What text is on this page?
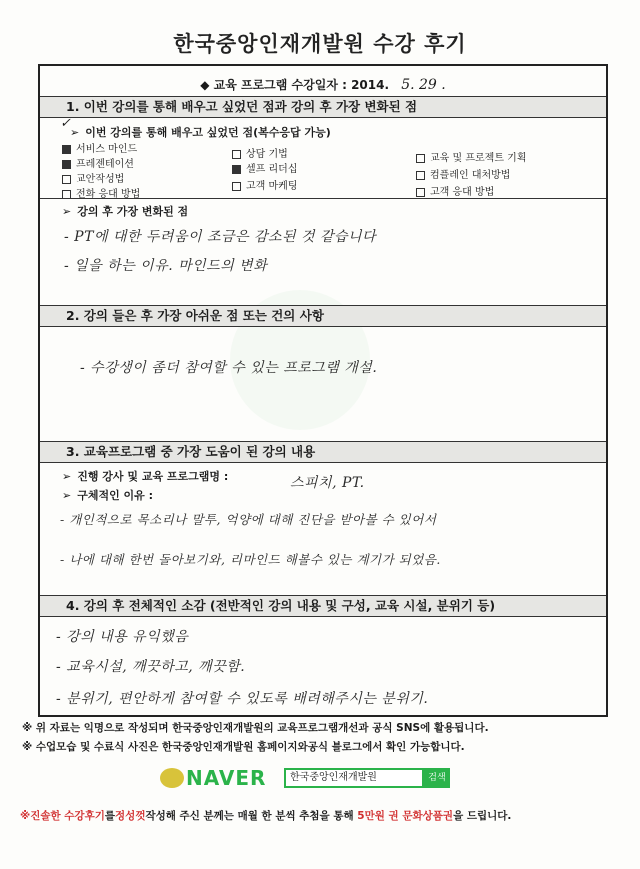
한국중앙인재개발원 수강 후기
◆ 교육 프로그램 수강일자 : 2014. 5. 29 .
1. 이번 강의를 통해 배우고 싶었던 점과 강의 후 가장 변화된 점
✓
➢ 이번 강의를 통해 배우고 싶었던 점(복수응답 가능)
서비스 마인드
프레젠테이션
교안작성법
전화 응대 방법
상담 기법
셀프 리더십
고객 마케팅
교육 및 프로젝트 기획
컴플레인 대처방법
고객 응대 방법
➢ 강의 후 가장 변화된 점
- PT에 대한 두려움이 조금은 감소된 것 같습니다
- 일을 하는 이유. 마인드의 변화
2. 강의 들은 후 가장 아쉬운 점 또는 건의 사항
- 수강생이 좀더 참여할 수 있는 프로그램 개설.
3. 교육프로그램 중 가장 도움이 된 강의 내용
➢ 진행 강사 및 교육 프로그램명 :	스피치, PT.
➢ 구체적인 이유 :
- 개인적으로 목소리나 말투, 억양에 대해 진단을 받아볼 수 있어서
- 나에 대해 한번 돌아보기와, 리마인드 해볼수 있는 계기가 되었음.
4. 강의 후 전체적인 소감 (전반적인 강의 내용 및 구성, 교육 시설, 분위기 등)
- 강의 내용 유익했음
- 교육시설, 깨끗하고, 깨끗함.
- 분위기, 편안하게 참여할 수 있도록 배려해주시는 분위기.
※ 위 자료는 익명으로 작성되며 한국중앙인재개발원의 교육프로그램개선과 공식 SNS에 활용됩니다.
※ 수업모습 및 수료식 사진은 한국중앙인재개발원 홈페이지와공식 블로그에서 확인 가능합니다.
NAVER	한국중앙인재개발원	검색
※진솔한 수강후기를정성껏작성해 주신 분께는 매월 한 분씩 추첨을 통해 5만원 권 문화상품권을 드립니다.
